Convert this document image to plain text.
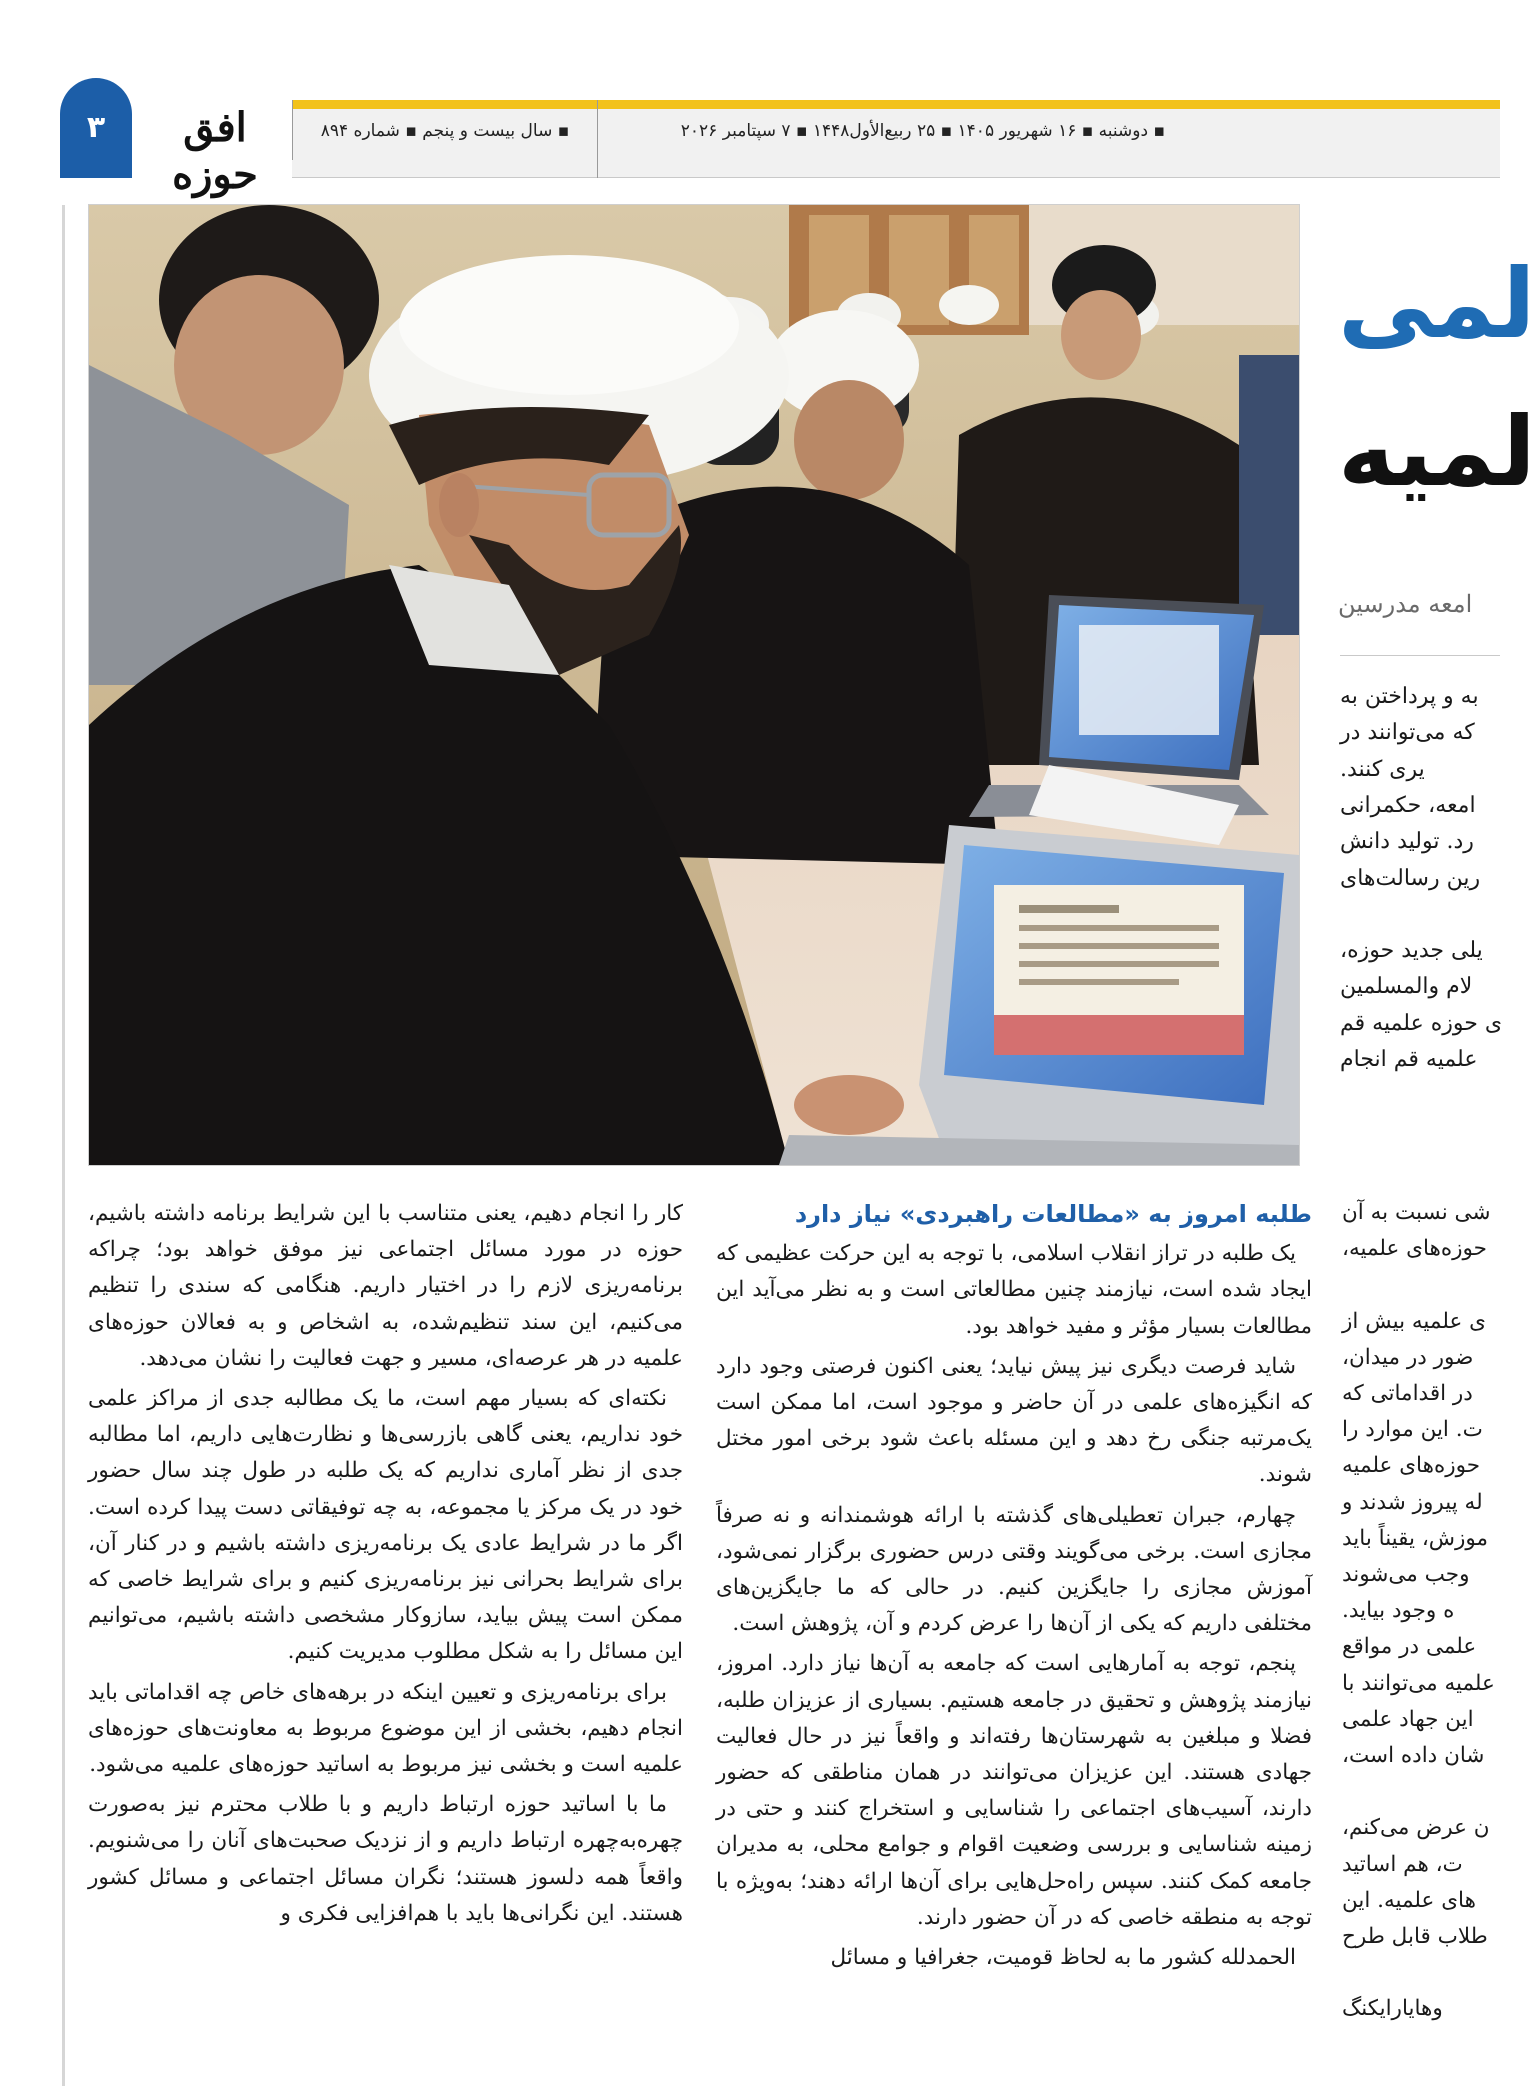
۳	افق حوزه
▪ سال بیست و پنجم ▪ شماره ۸۹۴	▪ دوشنبه ▪ ۱۶ شهریور ۱۴۰۵ ▪ ۲۵ ربیع‌الأول۱۴۴۸ ▪ ۷ سپتامبر ۲۰۲۶
لمی
لمیه
امعه مدرسین
به و پرداختن به
که می‌توانند در
یری کنند.
امعه، حکمرانی
رد. تولید دانش
رین رسالت‌های
یلی جدید حوزه،
لام والمسلمین
ی حوزه علمیه قم
علمیه قم انجام

طلبه امروز به «مطالعات راهبردی» نیاز دارد

یک طلبه در تراز انقلاب اسلامی، با توجه به این حرکت عظیمی که ایجاد شده است، نیازمند چنین مطالعاتی است و به نظر می‌آید این مطالعات بسیار مؤثر و مفید خواهد بود.

شاید فرصت دیگری نیز پیش نیاید؛ یعنی اکنون فرصتی وجود دارد که انگیزه‌های علمی در آن حاضر و موجود است، اما ممکن است یک‌مرتبه جنگی رخ دهد و این مسئله باعث شود برخی امور مختل شوند.

چهارم، جبران تعطیلی‌های گذشته با ارائه هوشمندانه و نه صرفاً مجازی است. برخی می‌گویند وقتی درس حضوری برگزار نمی‌شود، آموزش مجازی را جایگزین کنیم. در حالی که ما جایگزین‌های مختلفی داریم که یکی از آن‌ها را عرض کردم و آن، پژوهش است.

پنجم، توجه به آمارهایی است که جامعه به آن‌ها نیاز دارد. امروز، نیازمند پژوهش و تحقیق در جامعه هستیم. بسیاری از عزیزان طلبه، فضلا و مبلغین به شهرستان‌ها رفته‌اند و واقعاً نیز در حال فعالیت جهادی هستند. این عزیزان می‌توانند در همان مناطقی که حضور دارند، آسیب‌های اجتماعی را شناسایی و استخراج کنند و حتی در زمینه شناسایی و بررسی وضعیت اقوام و جوامع محلی، به مدیران جامعه کمک کنند. سپس راه‌حل‌هایی برای آن‌ها ارائه دهند؛ به‌ویژه با توجه به منطقه خاصی که در آن حضور دارند.

الحمدلله کشور ما به لحاظ قومیت، جغرافیا و مسائل

کار را انجام دهیم، یعنی متناسب با این شرایط برنامه داشته باشیم، حوزه در مورد مسائل اجتماعی نیز موفق خواهد بود؛ چراکه برنامه‌ریزی لازم را در اختیار داریم. هنگامی که سندی را تنظیم می‌کنیم، این سند تنظیم‌شده، به اشخاص و به فعالان حوزه‌های علمیه در هر عرصه‌ای، مسیر و جهت فعالیت را نشان می‌دهد.

نکته‌ای که بسیار مهم است، ما یک مطالبه جدی از مراکز علمی خود نداریم، یعنی گاهی بازرسی‌ها و نظارت‌هایی داریم، اما مطالبه جدی از نظر آماری نداریم که یک طلبه در طول چند سال حضور خود در یک مرکز یا مجموعه، به چه توفیقاتی دست پیدا کرده است. اگر ما در شرایط عادی یک برنامه‌ریزی داشته باشیم و در کنار آن، برای شرایط بحرانی نیز برنامه‌ریزی کنیم و برای شرایط خاصی که ممکن است پیش بیاید، سازوکار مشخصی داشته باشیم، می‌توانیم این مسائل را به شکل مطلوب مدیریت کنیم.

برای برنامه‌ریزی و تعیین اینکه در برهه‌های خاص چه اقداماتی باید انجام دهیم، بخشی از این موضوع مربوط به معاونت‌های حوزه‌های علمیه است و بخشی نیز مربوط به اساتید حوزه‌های علمیه می‌شود.

ما با اساتید حوزه ارتباط داریم و با طلاب محترم نیز به‌صورت چهره‌به‌چهره ارتباط داریم و از نزدیک صحبت‌های آنان را می‌شنویم. واقعاً همه دلسوز هستند؛ نگران مسائل اجتماعی و مسائل کشور هستند. این نگرانی‌ها باید با هم‌افزایی فکری و

شی نسبت به آن
حوزه‌های علمیه،
ی علمیه بیش از
ضور در میدان،
در اقداماتی که
ت. این موارد را
حوزه‌های علمیه
له پیروز شدند و
موزش، یقیناً باید
وجب می‌شوند
ه وجود بیاید.
علمی در مواقع
علمیه می‌توانند با
این جهاد علمی
شان داده است،
ن عرض می‌کنم،
ت، هم اساتید
های علمیه. این
طلاب قابل طرح
وهایارایکنگ
